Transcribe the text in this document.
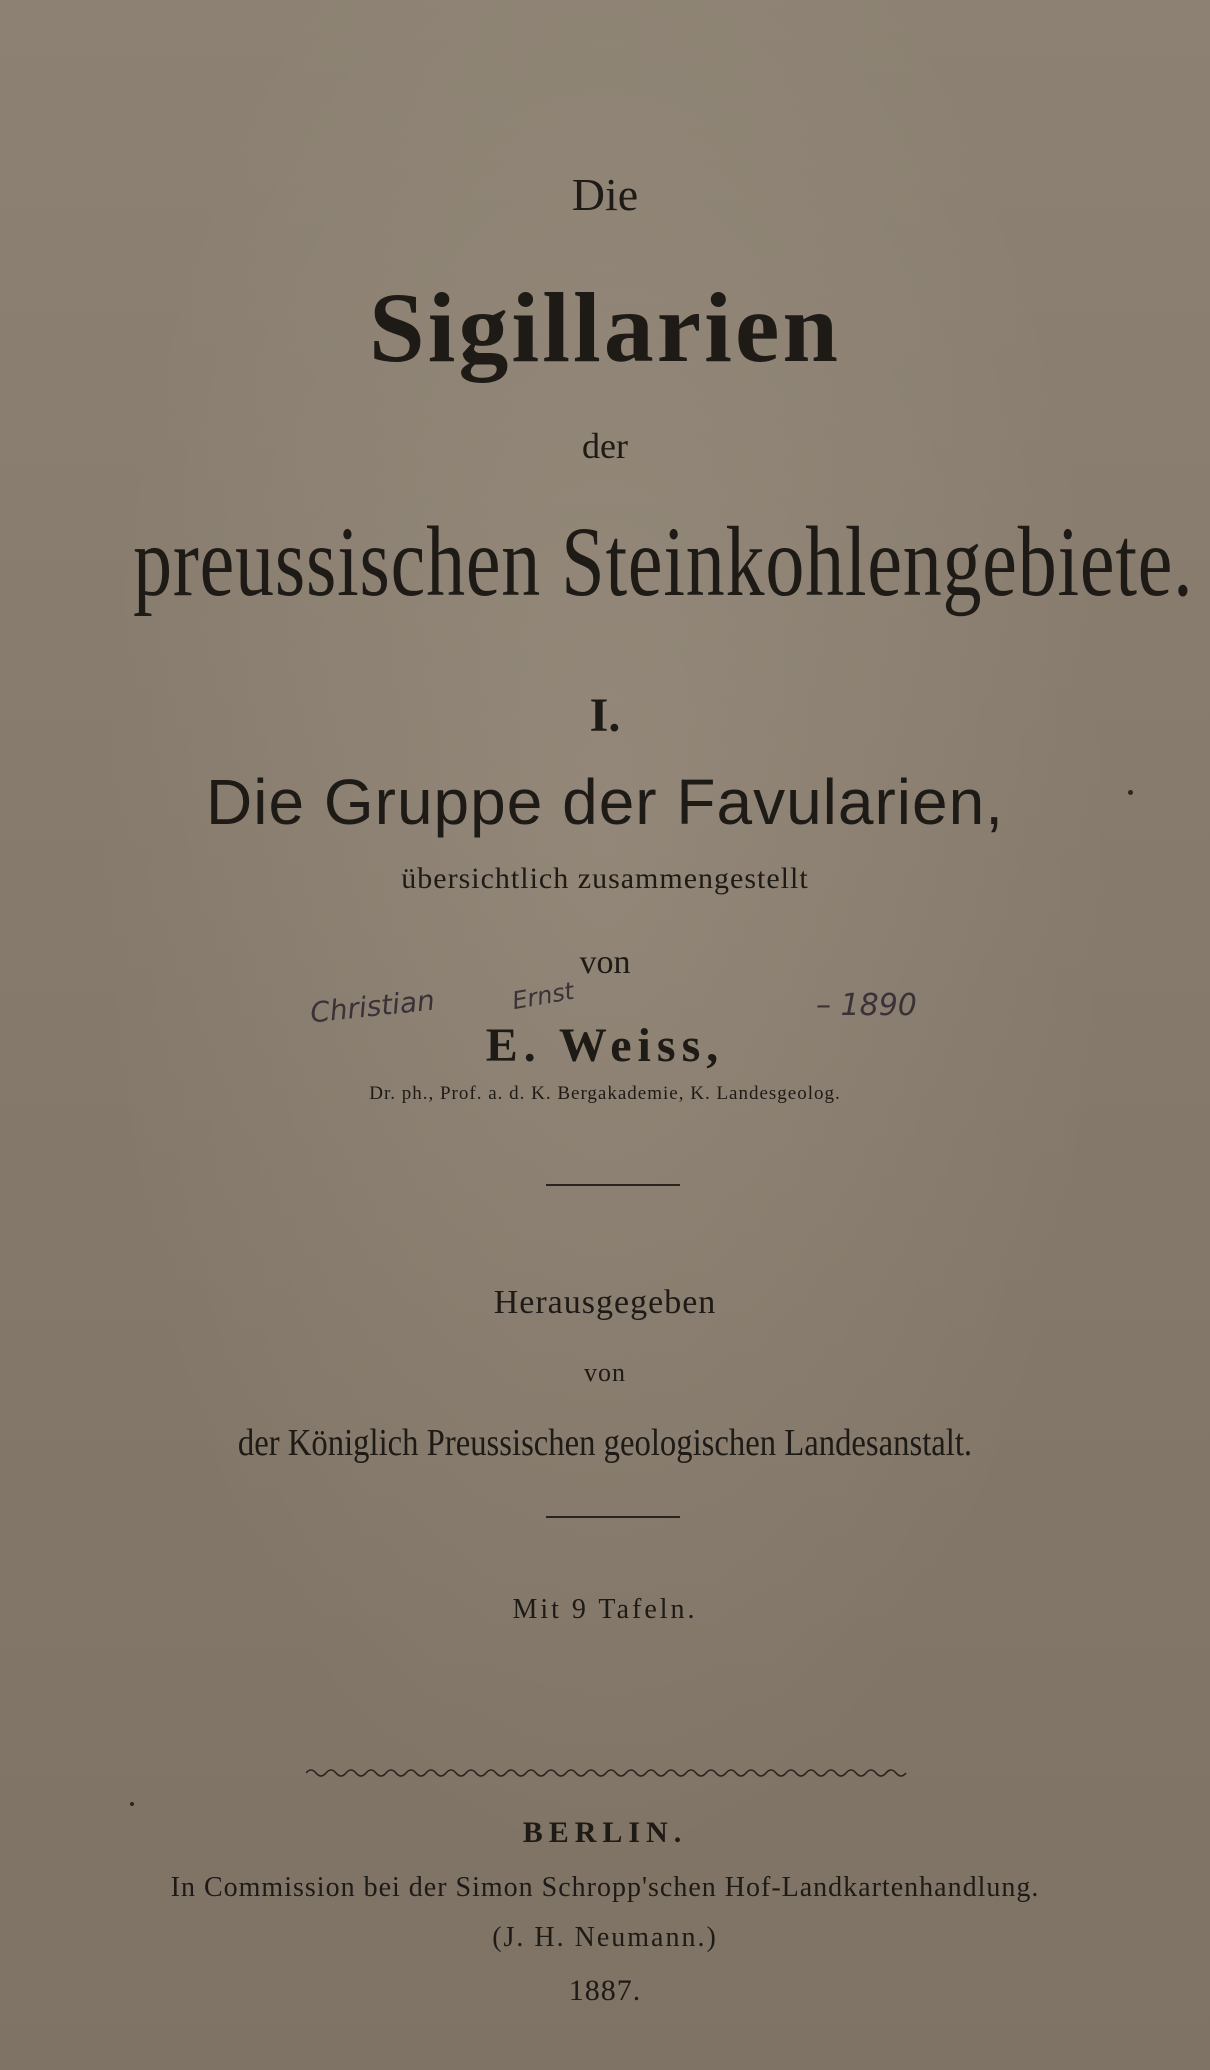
Die
Sigillarien
der
preussischen Steinkohlengebiete.
I.
Die Gruppe der Favularien,
übersichtlich zusammengestellt
von
Christian	Ernst	– 1890
E. Weiss,
Dr. ph., Prof. a. d. K. Bergakademie, K. Landesgeolog.
Herausgegeben
von
der Königlich Preussischen geologischen Landesanstalt.
Mit 9 Tafeln.
BERLIN.
In Commission bei der Simon Schropp'schen Hof-Landkartenhandlung.
(J. H. Neumann.)
1887.
